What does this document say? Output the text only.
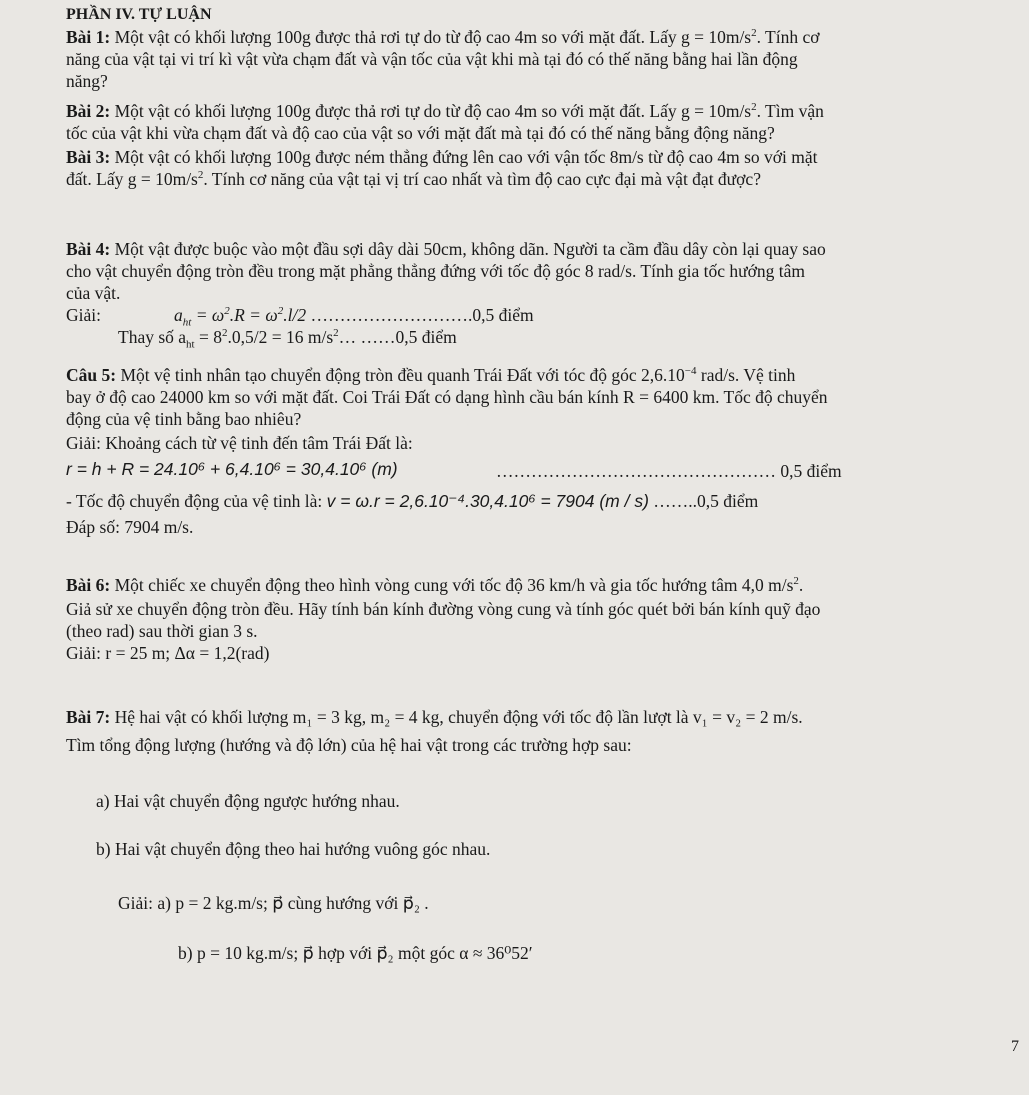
PHẦN IV. TỰ LUẬN
Bài 1: Một vật có khối lượng 100g được thả rơi tự do từ độ cao 4m so với mặt đất. Lấy $g = 10m/s^2$. Tính cơ
năng của vật tại vi trí kì vật vừa chạm đất và vận tốc của vật khi mà tại đó có thế năng bằng hai lần động
năng?
Bài 2: Một vật có khối lượng 100g được thả rơi tự do từ độ cao 4m so với mặt đất. Lấy $g = 10m/s^2$. Tìm vận
tốc của vật khi vừa chạm đất và độ cao của vật so với mặt đất mà tại đó có thế năng bằng động năng?
Bài 3: Một vật có khối lượng 100g được ném thẳng đứng lên cao với vận tốc 8m/s từ độ cao 4m so với mặt
đất. Lấy $g = 10m/s^2$. Tính cơ năng của vật tại vị trí cao nhất và tìm độ cao cực đại mà vật đạt được?
Bài 4: Một vật được buộc vào một đầu sợi dây dài 50cm, không dãn. Người ta cầm đầu dây còn lại quay sao
cho vật chuyển động tròn đều trong mặt phẳng thẳng đứng với tốc độ góc 8 rad/s. Tính gia tốc hướng tâm
của vật.
Giải:	$a_{ht} = \omega^2.R = \omega^2.l/2$ ……………………….0,5 điểm
Thay số $a_{ht} = 8^2.0,5/2 = 16$ $m/s^2\dots$ ……0,5 điểm
Câu 5: Một vệ tinh nhân tạo chuyển động tròn đều quanh Trái Đất với tóc độ góc $2,6.10^{-4}$ rad/s. Vệ tinh
bay ở độ cao 24000 km so với mặt đất. Coi Trái Đất có dạng hình cầu bán kính R = 6400 km. Tốc độ chuyển
động của vệ tinh bằng bao nhiêu?
Giải: Khoảng cách từ vệ tinh đến tâm Trái Đất là:
r = h + R = 24.10⁶ + 6,4.10⁶ = 30,4.10⁶ (m)	………………………………………… 0,5 điểm
- Tốc độ chuyển động của vệ tinh là: v = ω.r = 2,6.10⁻⁴.30,4.10⁶ = 7904 (m / s) ……..0,5 điểm
Đáp số: 7904 m/s.
Bài 6: Một chiếc xe chuyển động theo hình vòng cung với tốc độ 36 km/h và gia tốc hướng tâm 4,0 $m/s^2$.
Giả sử xe chuyển động tròn đều. Hãy tính bán kính đường vòng cung và tính góc quét bởi bán kính quỹ đạo
(theo rad) sau thời gian 3 s.
Giải: r = 25 m; Δα = 1,2(rad)
Bài 7: Hệ hai vật có khối lượng m₁ = 3 kg, m₂ = 4 kg, chuyển động với tốc độ lần lượt là v₁ = v₂ = 2 m/s.
Tìm tổng động lượng (hướng và độ lớn) của hệ hai vật trong các trường hợp sau:
a) Hai vật chuyển động ngược hướng nhau.
b) Hai vật chuyển động theo hai hướng vuông góc nhau.
Giải: a) p = 2 kg.m/s; p⃗ cùng hướng với p⃗₂ .
b) p = 10 kg.m/s; p⃗ hợp với p⃗₂ một góc α ≈ 36⁰52′
7
